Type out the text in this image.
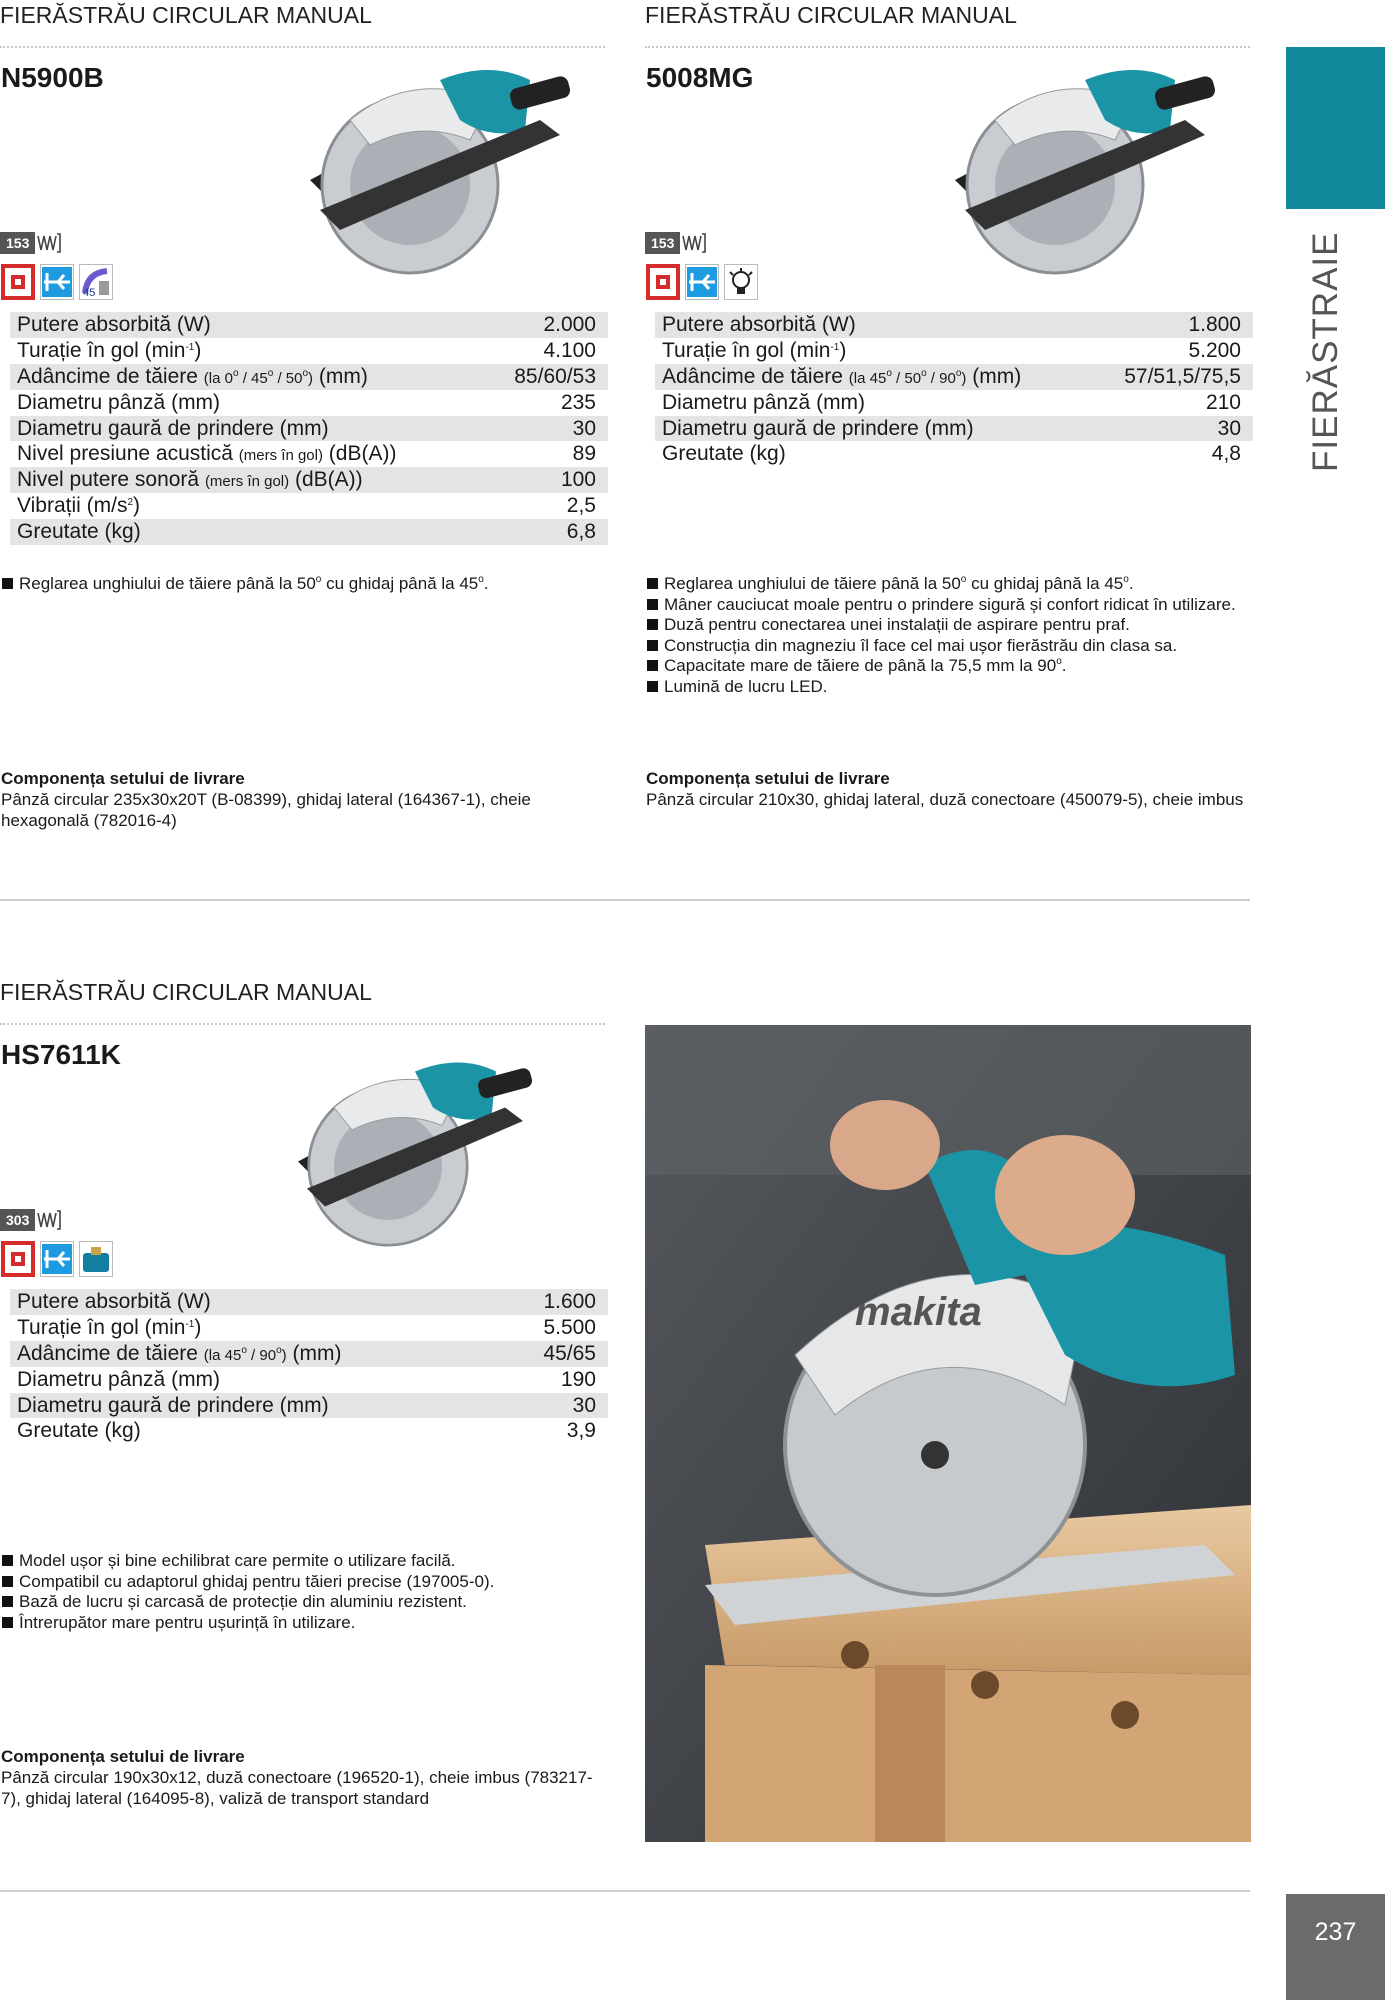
FIERĂSTRĂU CIRCULAR MANUAL
N5900B
153
45
Putere absorbită (W)	2.000
Turație în gol $(\min^{-1})$	4.100
Adâncime de tăiere (la 0$^o$ / 45$^o$ / 50$^o$) (mm)	85/60/53
Diametru pânză (mm)	235
Diametru gaură de prindere (mm)	30
Nivel presiune acustică (mers în gol) (dB(A))	89
Nivel putere sonoră (mers în gol) (dB(A))	100
Vibrații $(m/s^2)$	2,5
Greutate (kg)	6,8
Reglarea unghiului de tăiere până la 50$^o$ cu ghidaj până la 45$^o$.
Componența setului de livrare
Pânză circular 235x30x20T (B-08399), ghidaj lateral (164367-1), cheie hexagonală (782016-4)
FIERĂSTRĂU CIRCULAR MANUAL
5008MG
153
Putere absorbită (W)	1.800
Turație în gol $(\min^{-1})$	5.200
Adâncime de tăiere (la 45$^o$ / 50$^o$ / 90$^o$) (mm)	57/51,5/75,5
Diametru pânză (mm)	210
Diametru gaură de prindere (mm)	30
Greutate (kg)	4,8
Reglarea unghiului de tăiere până la 50$^o$ cu ghidaj până la 45$^o$.
Mâner cauciucat moale pentru o prindere sigură și confort ridicat în utilizare.
Duză pentru conectarea unei instalații de aspirare pentru praf.
Construcția din magneziu îl face cel mai ușor fierăstrău din clasa sa.
Capacitate mare de tăiere de până la 75,5 mm la 90$^o$.
Lumină de lucru LED.
Componența setului de livrare
Pânză circular 210x30, ghidaj lateral, duză conectoare (450079-5), cheie imbus
FIERĂSTRĂU CIRCULAR MANUAL
HS7611K
303
Putere absorbită (W)	1.600
Turație în gol $(\min^{-1})$	5.500
Adâncime de tăiere (la 45$^o$ / 90$^o$) (mm)	45/65
Diametru pânză (mm)	190
Diametru gaură de prindere (mm)	30
Greutate (kg)	3,9
Model ușor și bine echilibrat care permite o utilizare facilă.
Compatibil cu adaptorul ghidaj pentru tăieri precise (197005-0).
Bază de lucru și carcasă de protecție din aluminiu rezistent.
Întrerupător mare pentru ușurință în utilizare.
Componența setului de livrare
Pânză circular 190x30x12, duză conectoare (196520-1), cheie imbus (783217-7), ghidaj lateral (164095-8), valiză de transport standard
FIERĂSTRAIE
237
makita
